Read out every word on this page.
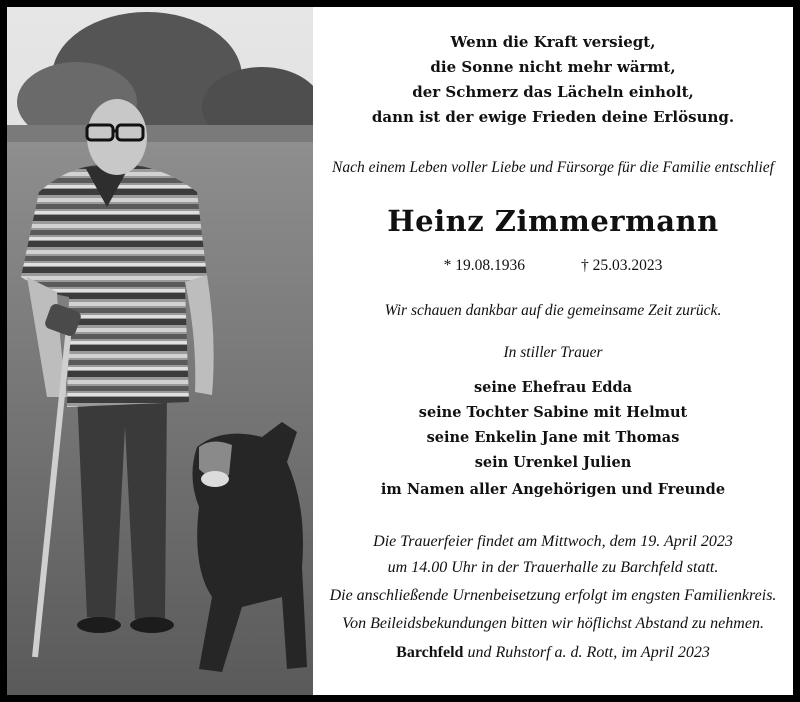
Wenn die Kraft versiegt,
die Sonne nicht mehr wärmt,
der Schmerz das Lächeln einholt,
dann ist der ewige Frieden deine Erlösung.
Nach einem Leben voller Liebe und Fürsorge für die Familie entschlief
Heinz Zimmermann
* 19.08.1936	† 25.03.2023
Wir schauen dankbar auf die gemeinsame Zeit zurück.
In stiller Trauer
seine Ehefrau Edda
seine Tochter Sabine mit Helmut
seine Enkelin Jane mit Thomas
sein Urenkel Julien
im Namen aller Angehörigen und Freunde
Die Trauerfeier findet am Mittwoch, dem 19. April 2023
um 14.00 Uhr in der Trauerhalle zu Barchfeld statt.
Die anschließende Urnenbeisetzung erfolgt im engsten Familienkreis.
Von Beileidsbekundungen bitten wir höflichst Abstand zu nehmen.
Barchfeld und Ruhstorf a. d. Rott, im April 2023
